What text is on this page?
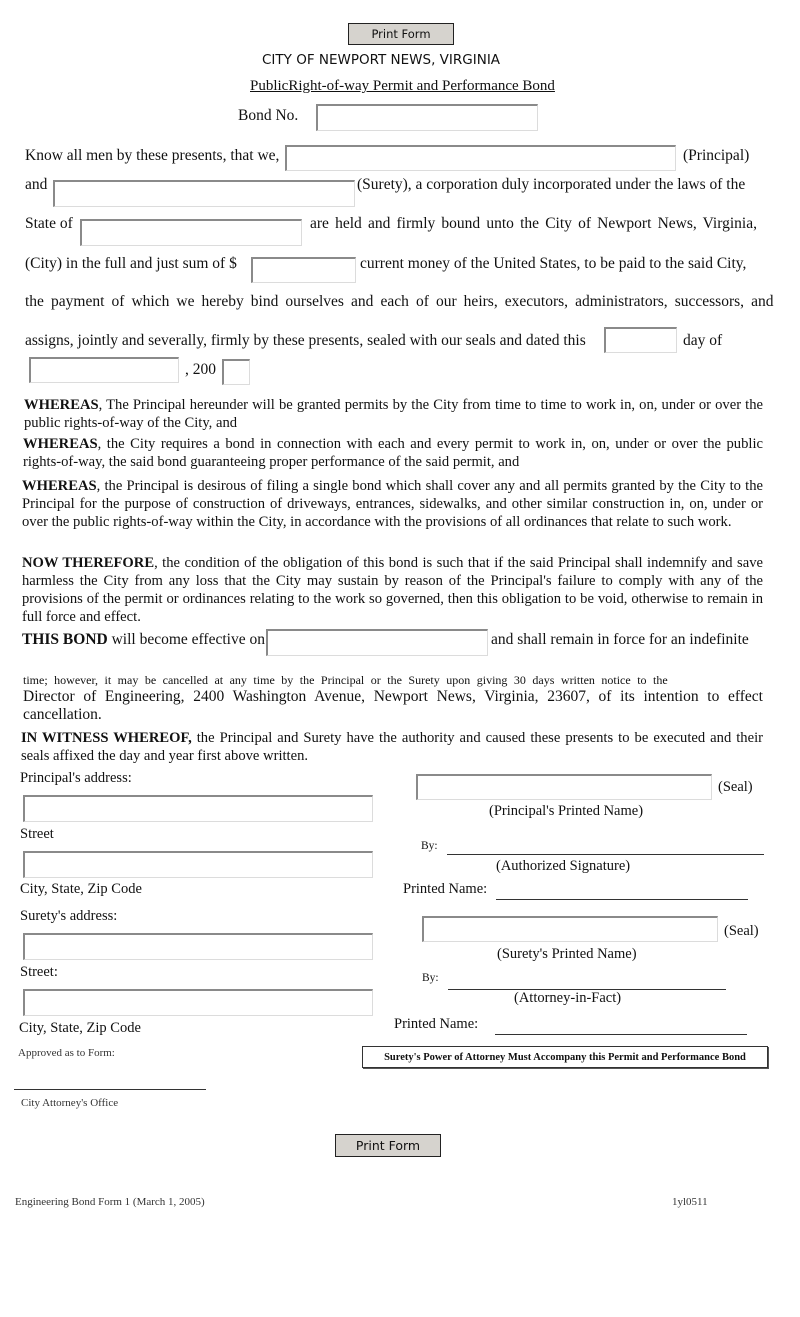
Print Form
CITY OF NEWPORT NEWS, VIRGINIA
PublicRight-of-way Permit and Performance Bond
Bond No.
Know all men by these presents, that we,	(Principal)
and	(Surety), a corporation duly incorporated under the laws of the
State of	are held and firmly bound unto the City of Newport News, Virginia,
(City) in the full and just sum of $	current money of the United States, to be paid to the said City,
the payment of which we hereby bind ourselves and each of our heirs, executors, administrators, successors, and
assigns, jointly and severally, firmly by these presents, sealed with our seals and dated this	day of
, 200
WHEREAS, The Principal hereunder will be granted permits by the City from time to time to work in, on, under or over the public rights-of-way of the City, and
WHEREAS, the City requires a bond in connection with each and every permit to work in, on, under or over the public rights-of-way, the said bond guaranteeing proper performance of the said permit, and
WHEREAS, the Principal is desirous of filing a single bond which shall cover any and all permits granted by the City to the Principal for the purpose of construction of driveways, entrances, sidewalks, and other similar construction in, on, under or over the public rights-of-way within the City, in accordance with the provisions of all ordinances that relate to such work.
NOW THEREFORE, the condition of the obligation of this bond is such that if the said Principal shall indemnify and save harmless the City from any loss that the City may sustain by reason of the Principal's failure to comply with any of the provisions of the permit or ordinances relating to the work so governed, then this obligation to be void, otherwise to remain in full force and effect.
THIS BOND will become effective on	and shall remain in force for an indefinite
time; however, it may be cancelled at any time by the Principal or the Surety upon giving 30 days written notice to the
Director of Engineering, 2400 Washington Avenue, Newport News, Virginia, 23607, of its intention to effect cancellation.
IN WITNESS WHEREOF, the Principal and Surety have the authority and caused these presents to be executed and their seals affixed the day and year first above written.
Principal's address:
Street
City, State, Zip Code
Surety's address:
Street:
City, State, Zip Code
Approved as to Form:
City Attorney's Office
(Seal)
(Principal's Printed Name)
By:
(Authorized Signature)
Printed Name:
(Seal)
(Surety's Printed Name)
By:
(Attorney-in-Fact)
Printed Name:
Surety's Power of Attorney Must Accompany this Permit and Performance Bond
Print Form
Engineering Bond Form 1 (March 1, 2005)	1yl0511
